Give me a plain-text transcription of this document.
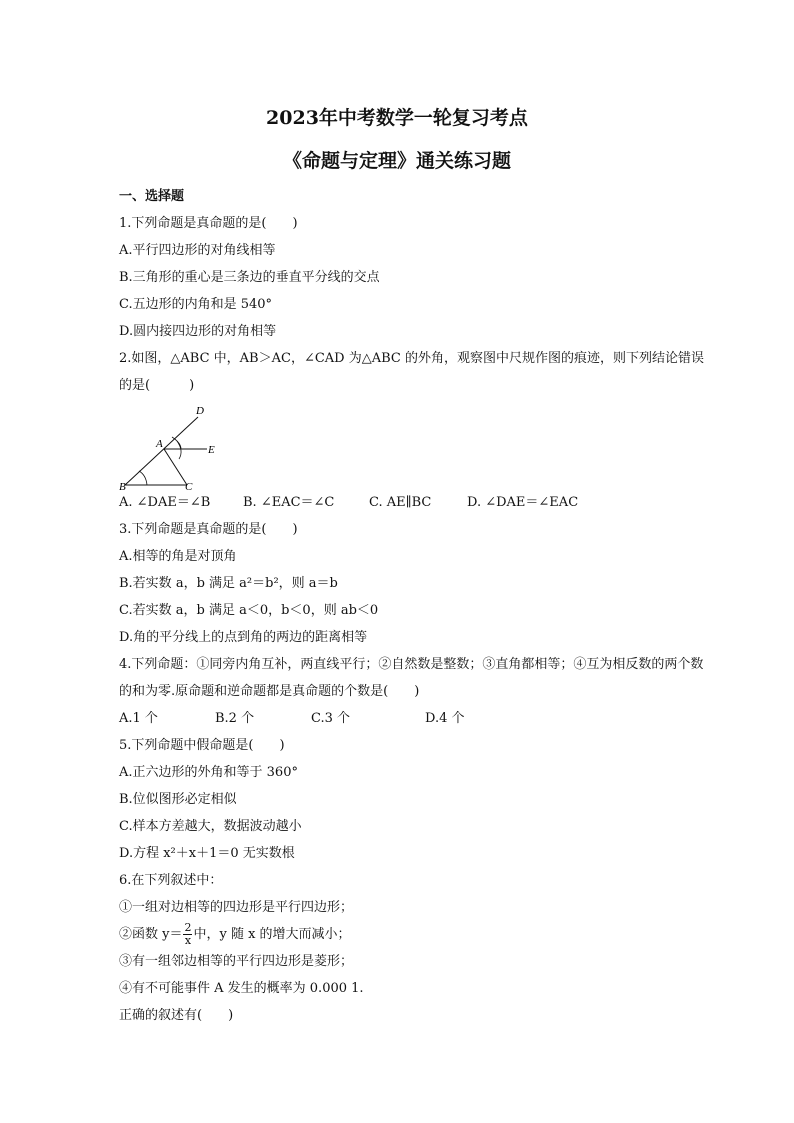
2023年中考数学一轮复习考点
《命题与定理》通关练习题
一、选择题
1.下列命题是真命题的是(　　)
A.平行四边形的对角线相等
B.三角形的重心是三条边的垂直平分线的交点
C.五边形的内角和是 540°
D.圆内接四边形的对角相等
2.如图，△ABC 中，AB＞AC，∠CAD 为△ABC 的外角，观察图中尺规作图的痕迹，则下列结论错误的是(　　　)
A
B	C
D
E
A. ∠DAE＝∠B	B. ∠EAC＝∠C	C. AE∥BC	D. ∠DAE＝∠EAC
3.下列命题是真命题的是(　　)
A.相等的角是对顶角
B.若实数 a，b 满足 a²＝b²，则 a＝b
C.若实数 a，b 满足 a＜0，b＜0，则 ab＜0
D.角的平分线上的点到角的两边的距离相等
4.下列命题：①同旁内角互补，两直线平行；②自然数是整数；③直角都相等；④互为相反数的两个数的和为零.原命题和逆命题都是真命题的个数是(　　)
A.1 个	B.2 个	C.3 个	D.4 个
5.下列命题中假命题是(　　)
A.正六边形的外角和等于 360°
B.位似图形必定相似
C.样本方差越大，数据波动越小
D.方程 x²＋x＋1＝0 无实数根
6.在下列叙述中：
①一组对边相等的四边形是平行四边形；
②函数 $y= \frac{2}{x}$ 中，y 随 x 的增大而减小；
③有一组邻边相等的平行四边形是菱形；
④有不可能事件 A 发生的概率为 0.000 1.
正确的叙述有(　　)
